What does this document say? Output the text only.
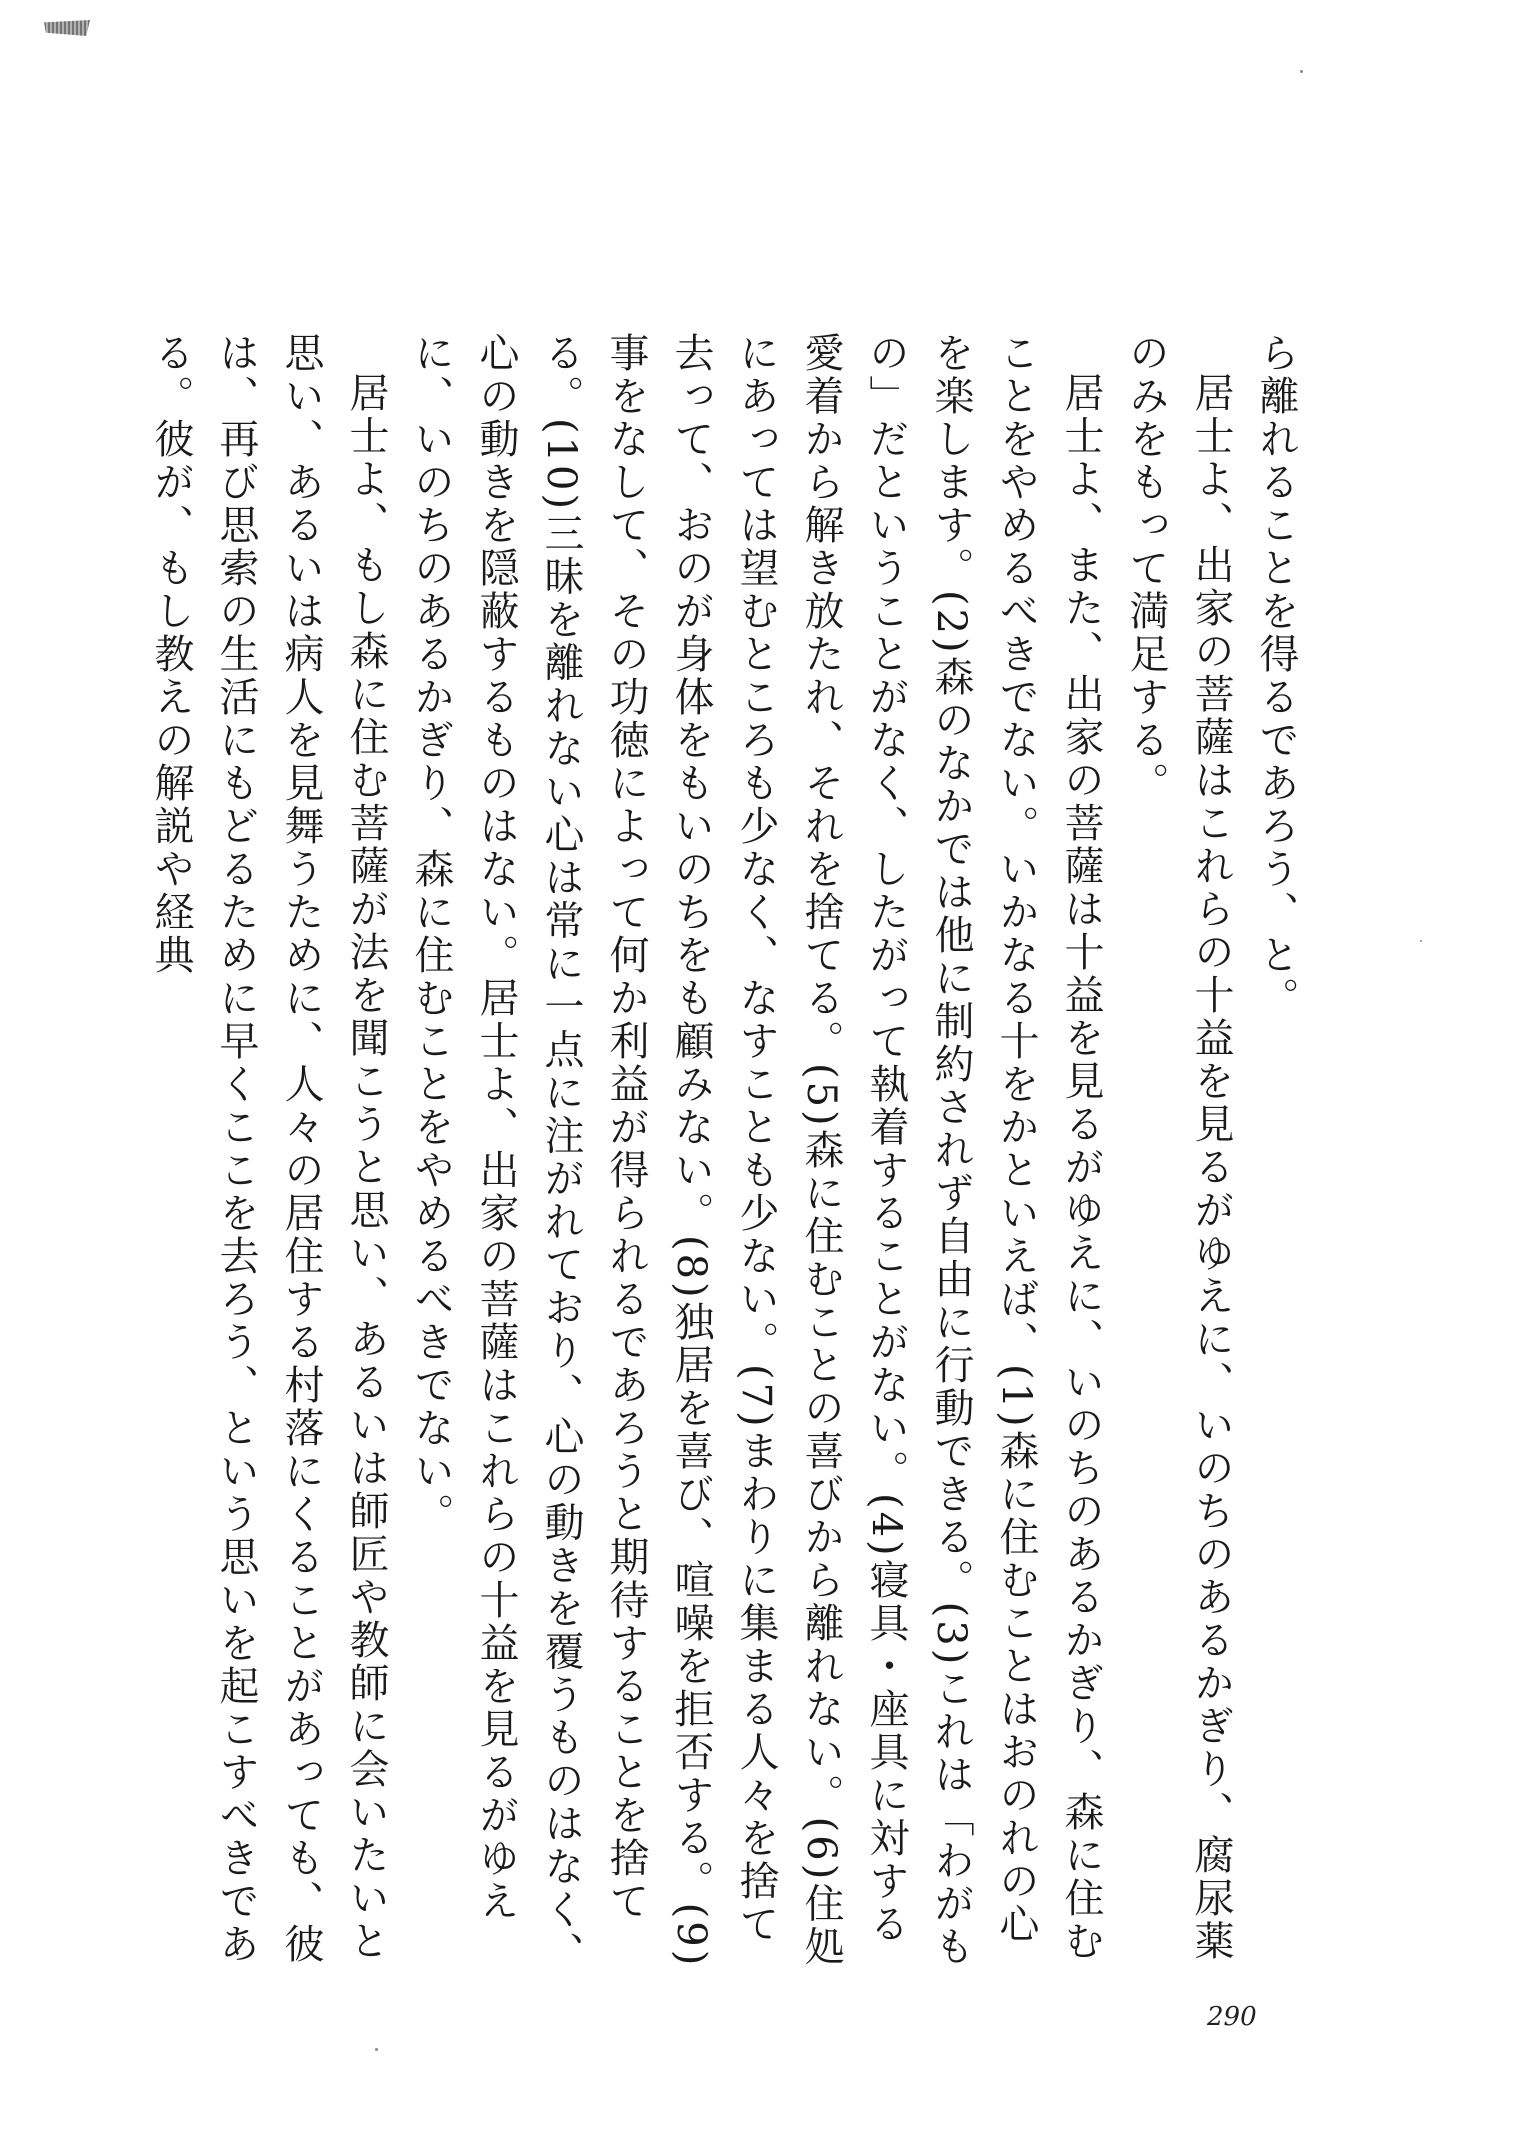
ら離れることを得るであろう、と。

居士よ、出家の菩薩はこれらの十益を見るがゆえに、いのちのあるかぎり、腐尿薬のみをもって満足する。

居士よ、また、出家の菩薩は十益を見るがゆえに、いのちのあるかぎり、森に住むことをやめるべきでない。いかなる十をかといえば、(1)森に住むことはおのれの心を楽します。(2)森のなかでは他に制約されず自由に行動できる。(3)これは「わがもの」だということがなく、したがって執着することがない。(4)寝具・座具に対する愛着から解き放たれ、それを捨てる。(5)森に住むことの喜びから離れない。(6)住処にあっては望むところも少なく、なすことも少ない。(7)まわりに集まる人々を捨て去って、おのが身体をもいのちをも顧みない。(8)独居を喜び、喧噪を拒否する。(9)事をなして、その功徳によって何か利益が得られるであろうと期待することを捨てる。(10)三昧を離れない心は常に一点に注がれており、心の動きを覆うものはなく、心の動きを隠蔽するものはない。居士よ、出家の菩薩はこれらの十益を見るがゆえに、いのちのあるかぎり、森に住むことをやめるべきでない。

居士よ、もし森に住む菩薩が法を聞こうと思い、あるいは師匠や教師に会いたいと思い、あるいは病人を見舞うために、人々の居住する村落にくることがあっても、彼は、再び思索の生活にもどるために早くここを去ろう、という思いを起こすべきである。彼が、もし教えの解説や経典

290
